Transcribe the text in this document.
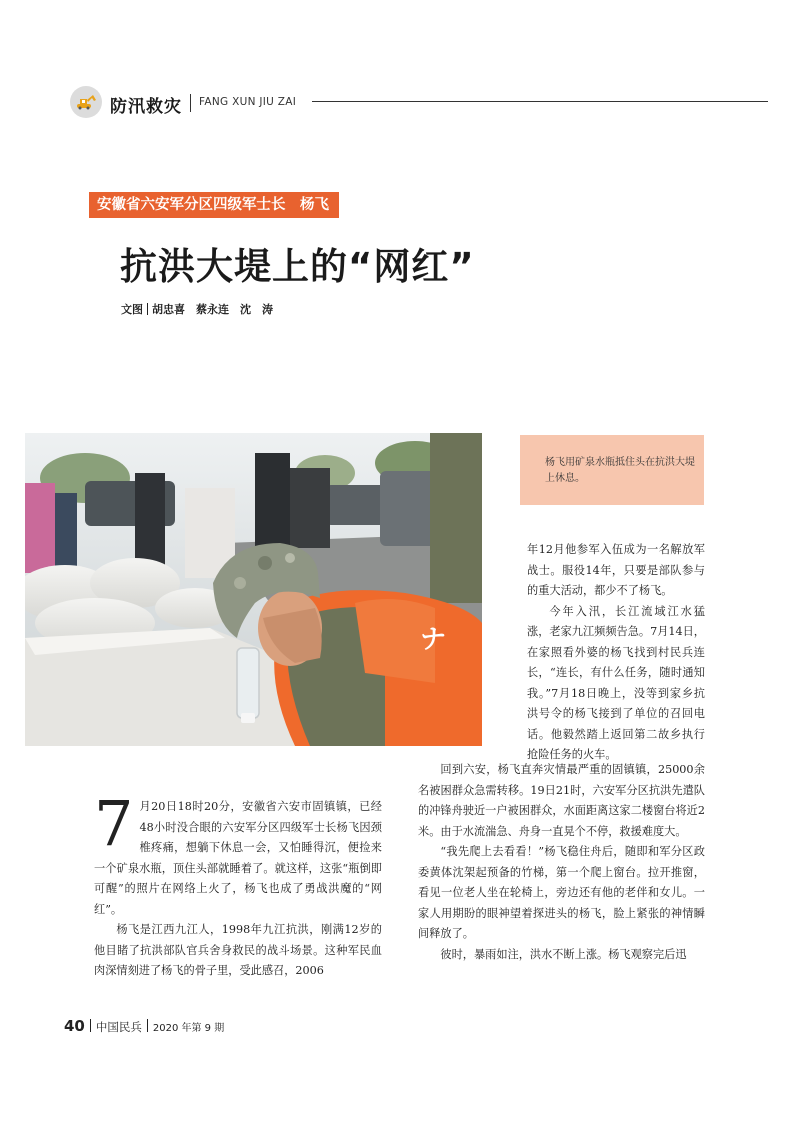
防汛救灾 FANG XUN JIU ZAI
安徽省六安军分区四级军士长　杨飞
抗洪大堤上的“网红”
文图 胡忠喜　蔡永连　沈　涛
ナ
杨飞用矿泉水瓶抵住头在抗洪大堤上休息。

年12月他参军入伍成为一名解放军战士。服役14年，只要是部队参与的重大活动，都少不了杨飞。

今年入汛，长江流域江水猛涨，老家九江频频告急。7月14日，在家照看外婆的杨飞找到村民兵连长，“连长，有什么任务，随时通知我。”7月18日晚上，没等到家乡抗洪号令的杨飞接到了单位的召回电话。他毅然踏上返回第二故乡执行抢险任务的火车。

回到六安，杨飞直奔灾情最严重的固镇镇，25000余名被困群众急需转移。19日21时，六安军分区抗洪先遣队的冲锋舟驶近一户被困群众，水面距离这家二楼窗台将近2米。由于水流湍急、舟身一直晃个不停，救援难度大。

“我先爬上去看看！”杨飞稳住舟后，随即和军分区政委黄体沈架起预备的竹梯，第一个爬上窗台。拉开推窗，看见一位老人坐在轮椅上，旁边还有他的老伴和女儿。一家人用期盼的眼神望着探进头的杨飞，脸上紧张的神情瞬间释放了。

彼时，暴雨如注，洪水不断上涨。杨飞观察完后迅

7 月20日18时20分，安徽省六安市固镇镇，已经48小时没合眼的六安军分区四级军士长杨飞因颈椎疼痛，想躺下休息一会，又怕睡得沉，便捡来一个矿泉水瓶，顶住头部就睡着了。就这样，这张“瓶倒即可醒”的照片在网络上火了，杨飞也成了勇战洪魔的“网红”。

杨飞是江西九江人，1998年九江抗洪，刚满12岁的他目睹了抗洪部队官兵舍身救民的战斗场景。这种军民血肉深情刻进了杨飞的骨子里，受此感召，2006

40 中国民兵 2020 年第 9 期
